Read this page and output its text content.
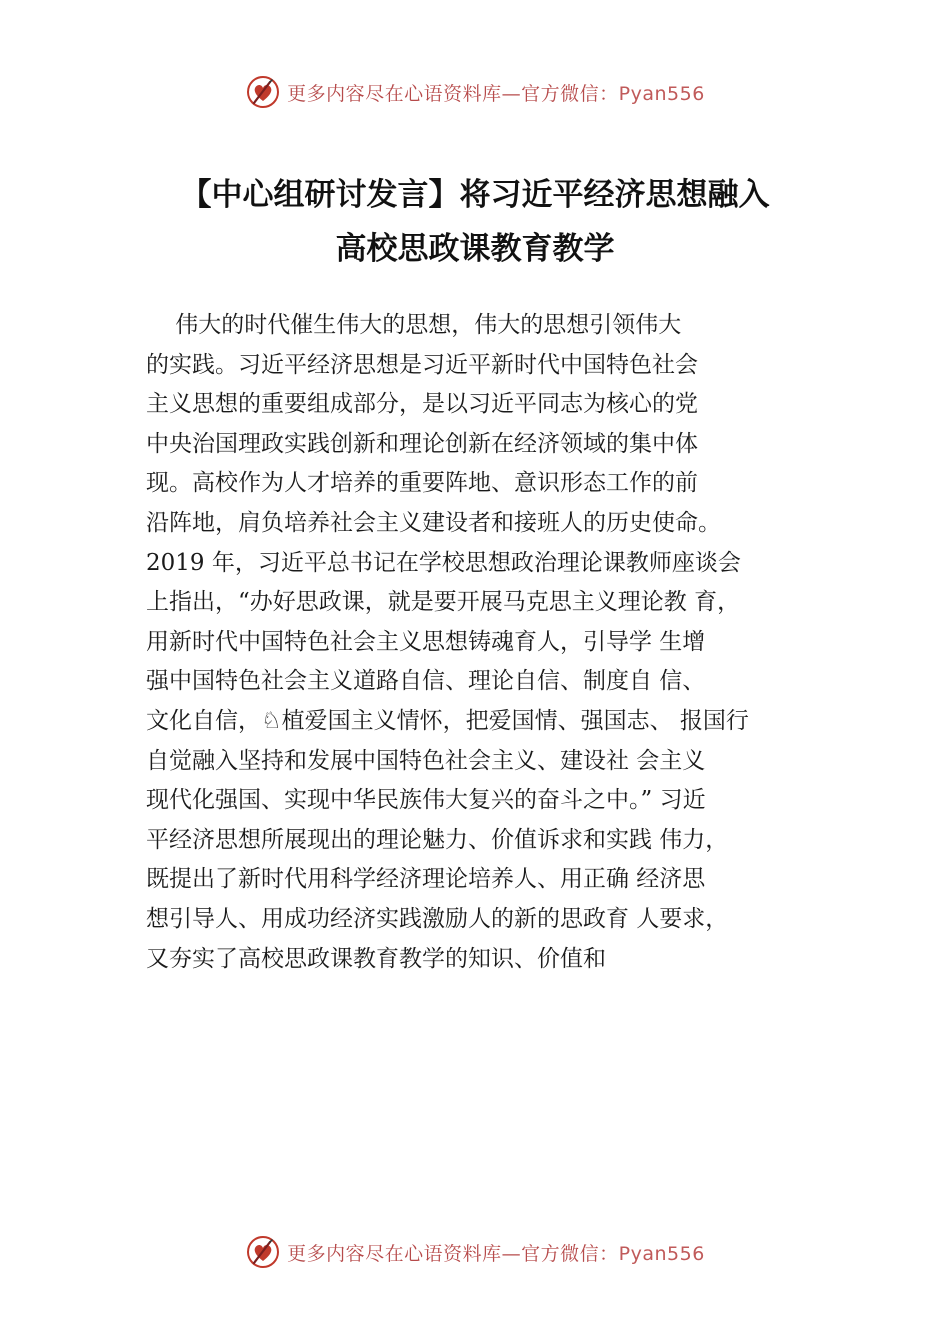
更多内容尽在心语资料库—官方微信：Pyan556
【中心组研讨发言】将习近平经济思想融入
高校思政课教育教学
伟大的时代催生伟大的思想，伟大的思想引领伟大
的实践。习近平经济思想是习近平新时代中国特色社会
主义思想的重要组成部分，是以习近平同志为核心的党
中央治国理政实践创新和理论创新在经济领域的集中体
现。高校作为人才培养的重要阵地、意识形态工作的前
沿阵地，肩负培养社会主义建设者和接班人的历史使命。
2019 年，习近平总书记在学校思想政治理论课教师座谈会
上指出，“办好思政课，就是要开展马克思主义理论教 育，
用新时代中国特色社会主义思想铸魂育人，引导学 生增
强中国特色社会主义道路自信、理论自信、制度自 信、
文化自信，♘植爱国主义情怀，把爱国情、强国志、 报国行
自觉融入坚持和发展中国特色社会主义、建设社 会主义
现代化强国、实现中华民族伟大复兴的奋斗之中。” 习近
平经济思想所展现出的理论魅力、价值诉求和实践 伟力，
既提出了新时代用科学经济理论培养人、用正确 经济思
想引导人、用成功经济实践激励人的新的思政育 人要求，
又夯实了高校思政课教育教学的知识、价值和
更多内容尽在心语资料库—官方微信：Pyan556
